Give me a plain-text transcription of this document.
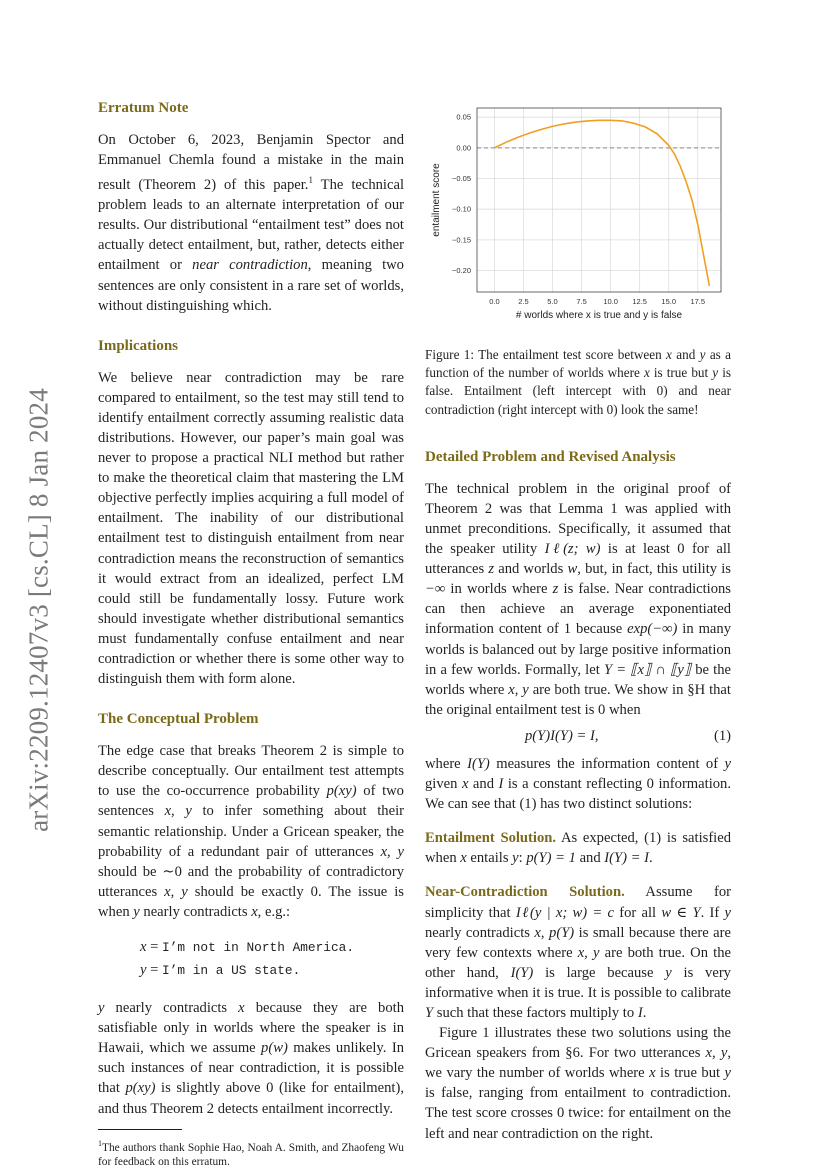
arXiv:2209.12407v3 [cs.CL] 8 Jan 2024
Erratum Note

On October 6, 2023, Benjamin Spector and Emmanuel Chemla found a mistake in the main result (Theorem 2) of this paper.$^1$ The technical problem leads to an alternate interpretation of our results. Our distributional “entailment test” does not actually detect entailment, but, rather, detects either entailment or near contradiction, meaning two sentences are only consistent in a rare set of worlds, without distinguishing which.

Implications

We believe near contradiction may be rare compared to entailment, so the test may still tend to identify entailment correctly assuming realistic data distributions. However, our paper’s main goal was never to propose a practical NLI method but rather to make the theoretical claim that mastering the LM objective perfectly implies acquiring a full model of entailment. The inability of our distributional entailment test to distinguish entailment from near contradiction means the reconstruction of semantics it would extract from an idealized, perfect LM could still be fundamentally lossy. Future work should investigate whether distributional semantics must fundamentally confuse entailment and near contradiction or whether there is some other way to distinguish them with form alone.

The Conceptual Problem

The edge case that breaks Theorem 2 is simple to describe conceptually. Our entailment test attempts to use the co-occurrence probability p(xy) of two sentences x, y to infer something about their semantic relationship. Under a Gricean speaker, the probability of a redundant pair of utterances x, y should be ∼0 and the probability of contradictory utterances x, y should be exactly 0. The issue is when y nearly contradicts x, e.g.:

x = I’m not in North America.
y = I’m in a US state.

y nearly contradicts x because they are both satisfiable only in worlds where the speaker is in Hawaii, which we assume p(w) makes unlikely. In such instances of near contradiction, it is possible that p(xy) is slightly above 0 (like for entailment), and thus Theorem 2 detects entailment incorrectly.

$^1$The authors thank Sophie Hao, Noah A. Smith, and Zhaofeng Wu for feedback on this erratum.

0.0 2.5 5.0 7.5 10.0 12.5 15.0 17.5
0.05
0.00
−0.05
−0.10
−0.15
−0.20
# worlds where x is true and y is false
entailment score

Figure 1: The entailment test score between x and y as a function of the number of worlds where x is true but y is false. Entailment (left intercept with 0) and near contradiction (right intercept with 0) look the same!

Detailed Problem and Revised Analysis

The technical problem in the original proof of Theorem 2 was that Lemma 1 was applied with unmet preconditions. Specifically, it assumed that the speaker utility Iℓ(z; w) is at least 0 for all utterances z and worlds w, but, in fact, this utility is −∞ in worlds where z is false. Near contradictions can then achieve an average exponentiated information content of 1 because exp(−∞) in many worlds is balanced out by large positive information in a few worlds. Formally, let Y = ⟦x⟧ ∩ ⟦y⟧ be the worlds where x, y are both true. We show in §H that the original entailment test is 0 when

p(Y)I(Y) = I,	(1)

where I(Y) measures the information content of y given x and I is a constant reflecting 0 information. We can see that (1) has two distinct solutions:

Entailment Solution. As expected, (1) is satisfied when x entails y: p(Y) = 1 and I(Y) = I.

Near-Contradiction Solution. Assume for simplicity that Iℓ(y | x; w) = c for all w ∈ Y. If y nearly contradicts x, p(Y) is small because there are very few contexts where x, y are both true. On the other hand, I(Y) is large because y is very informative when it is true. It is possible to calibrate Y such that these factors multiply to I.

Figure 1 illustrates these two solutions using the Gricean speakers from §6. For two utterances x, y, we vary the number of worlds where x is true but y is false, ranging from entailment to contradiction. The test score crosses 0 twice: for entailment on the left and near contradiction on the right.
